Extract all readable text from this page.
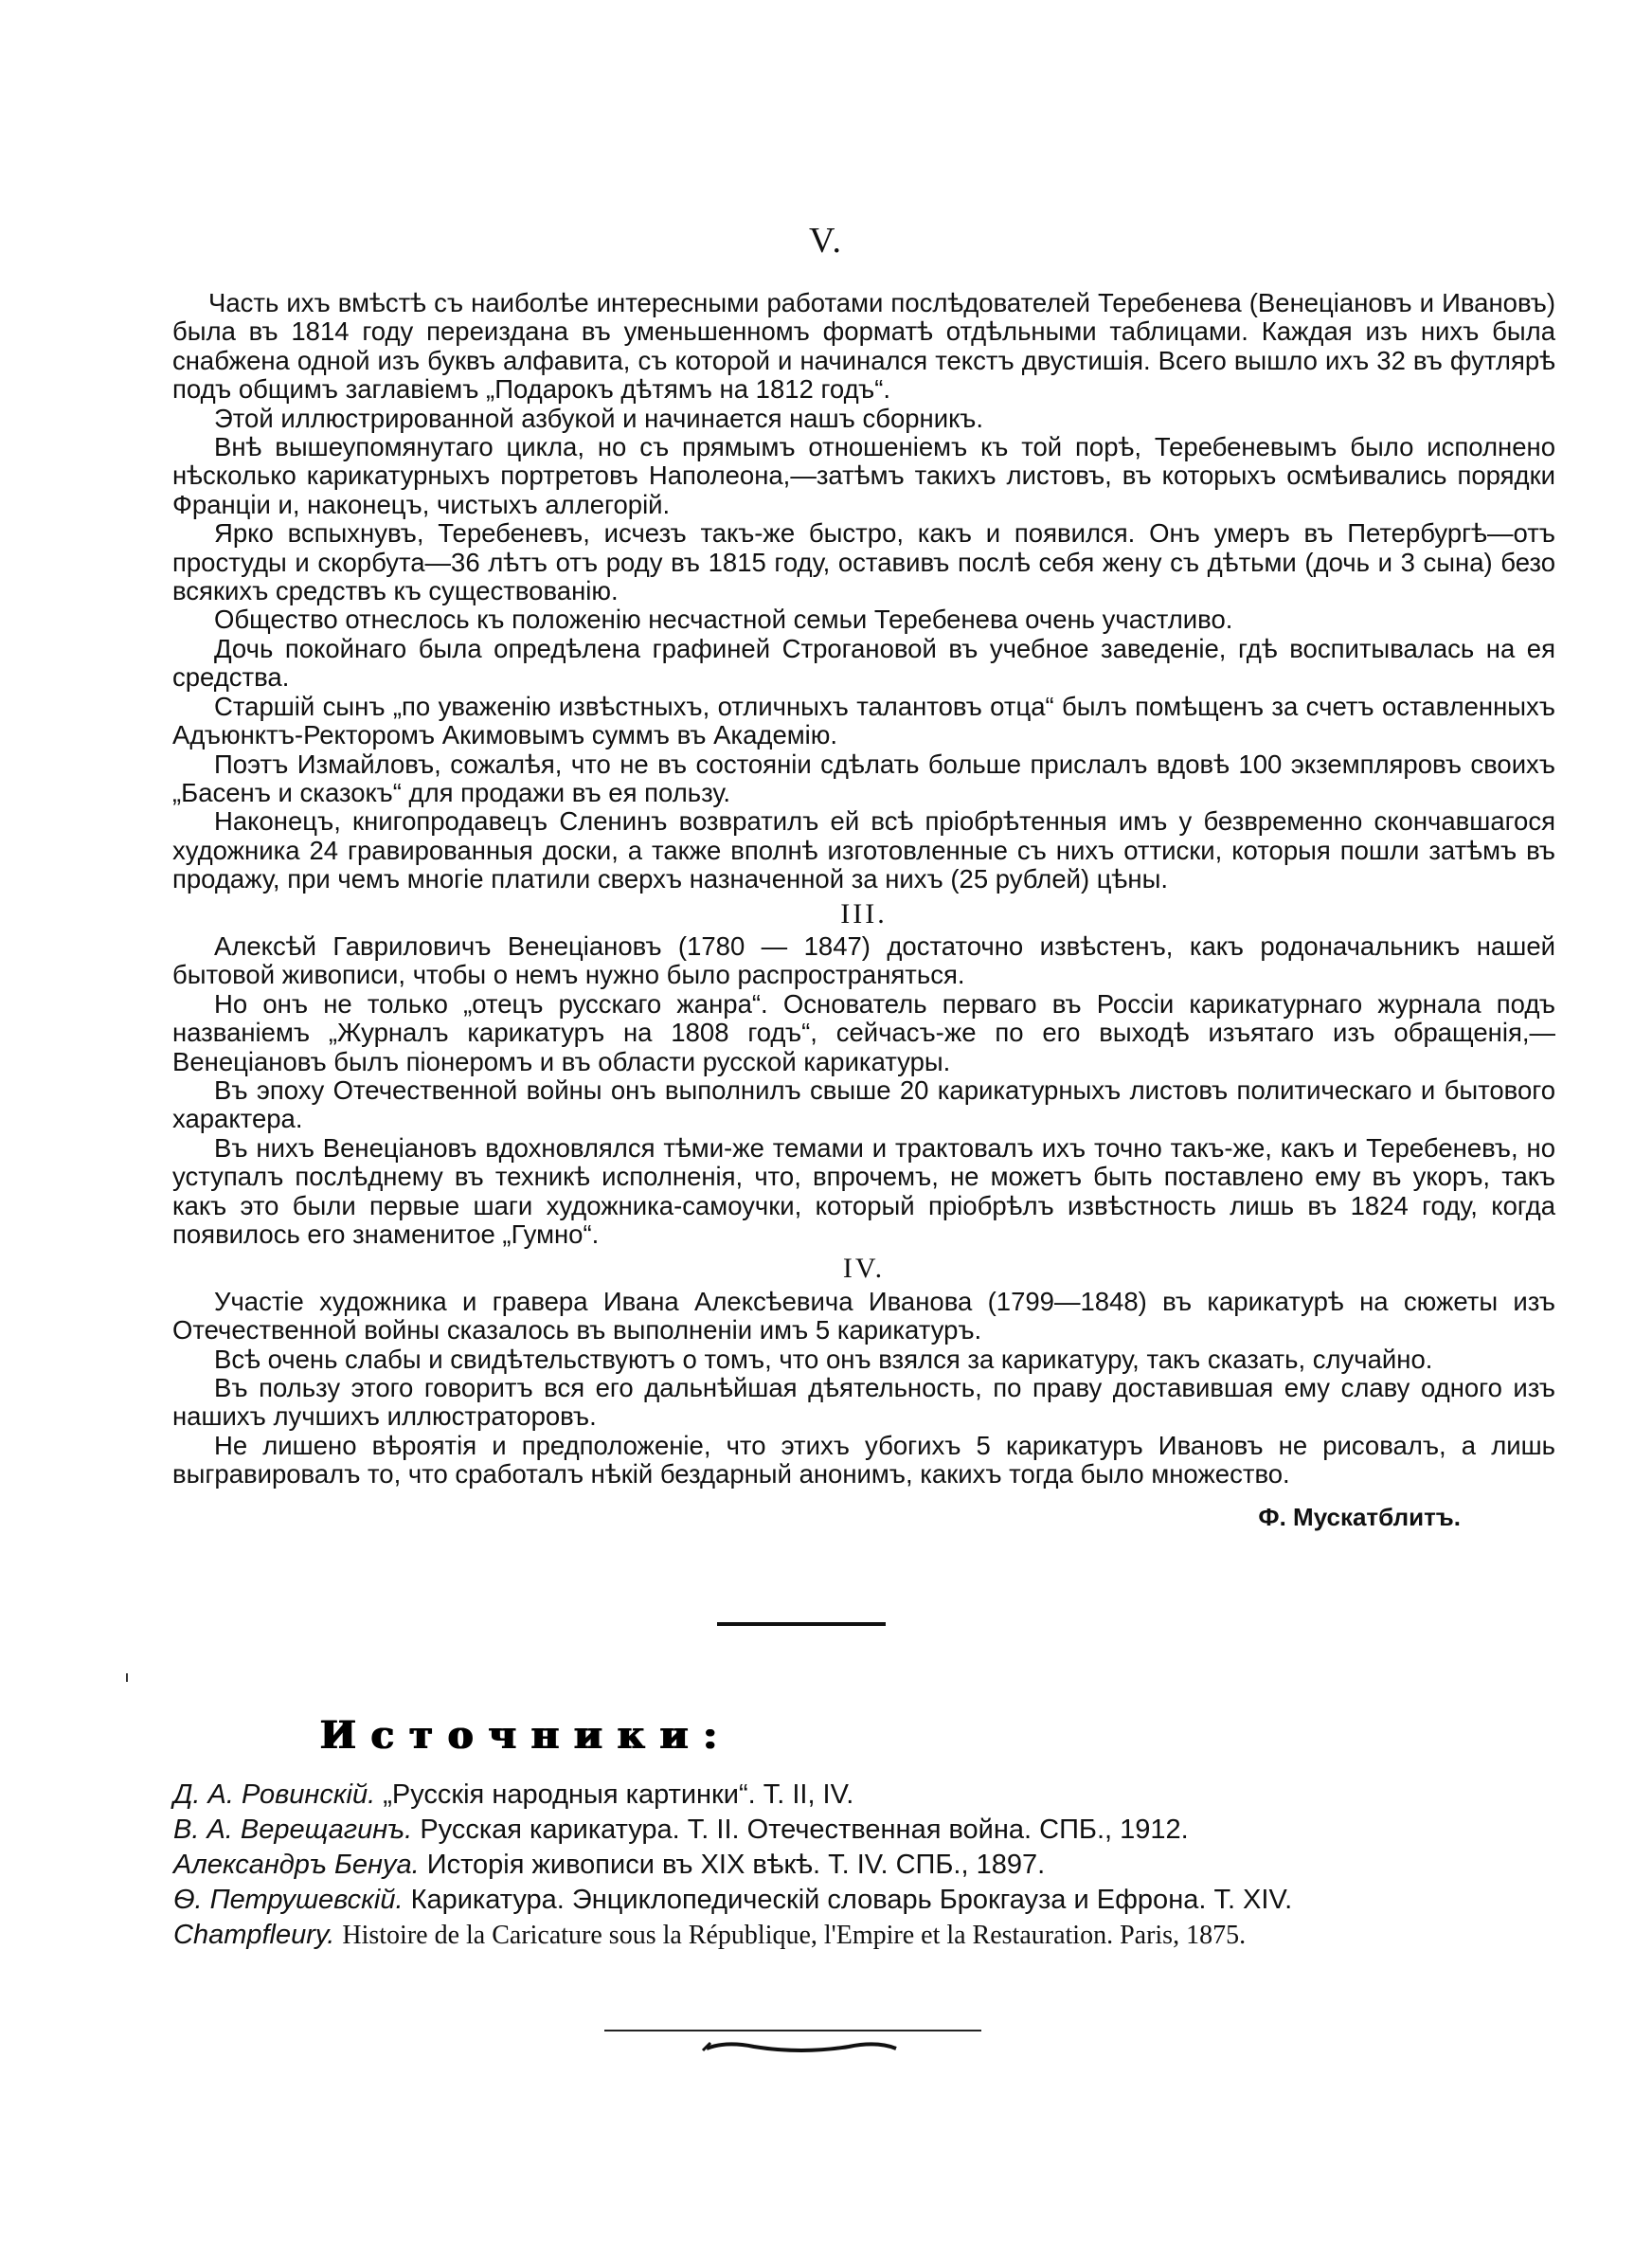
V.

Часть ихъ вмѣстѣ съ наиболѣе интересными работами послѣдователей Теребенева (Венеціановъ и Ивановъ) была въ 1814 году переиздана въ уменьшенномъ форматѣ отдѣльными таблицами. Каждая изъ нихъ была снабжена одной изъ буквъ алфавита, съ которой и начинался текстъ двустишія. Всего вышло ихъ 32 въ футлярѣ подъ общимъ заглавіемъ „Подарокъ дѣтямъ на 1812 годъ“.

Этой иллюстрированной азбукой и начинается нашъ сборникъ.

Внѣ вышеупомянутаго цикла, но съ прямымъ отношеніемъ къ той порѣ, Теребеневымъ было исполнено нѣсколько карикатурныхъ портретовъ Наполеона,—затѣмъ такихъ листовъ, въ которыхъ осмѣивались порядки Франціи и, наконецъ, чистыхъ аллегорій.

Ярко вспыхнувъ, Теребеневъ, исчезъ такъ-же быстро, какъ и появился. Онъ умеръ въ Петербургѣ—отъ простуды и скорбута—36 лѣтъ отъ роду въ 1815 году, оставивъ послѣ себя жену съ дѣтьми (дочь и 3 сына) безо всякихъ средствъ къ существованію.

Общество отнеслось къ положенію несчастной семьи Теребенева очень участливо.

Дочь покойнаго была опредѣлена графиней Строгановой въ учебное заведеніе, гдѣ воспитывалась на ея средства.

Старшій сынъ „по уваженію извѣстныхъ, отличныхъ талантовъ отца“ былъ помѣщенъ за счетъ оставленныхъ Адъюнктъ-Ректоромъ Акимовымъ суммъ въ Академію.

Поэтъ Измайловъ, сожалѣя, что не въ состояніи сдѣлать больше прислалъ вдовѣ 100 экземпляровъ своихъ „Басенъ и сказокъ“ для продажи въ ея пользу.

Наконецъ, книгопродавецъ Сленинъ возвратилъ ей всѣ пріобрѣтенныя имъ у безвременно скончавшагося художника 24 гравированныя доски, а также вполнѣ изготовленные съ нихъ оттиски, которыя пошли затѣмъ въ продажу, при чемъ многіе платили сверхъ назначенной за нихъ (25 рублей) цѣны.

III.

Алексѣй Гавриловичъ Венеціановъ (1780 — 1847) достаточно извѣстенъ, какъ родоначальникъ нашей бытовой живописи, чтобы о немъ нужно было распространяться.

Но онъ не только „отецъ русскаго жанра“. Основатель перваго въ Россіи карикатурнаго журнала подъ названіемъ „Журналъ карикатуръ на 1808 годъ“, сейчасъ-же по его выходѣ изъятаго изъ обращенія,—Венеціановъ былъ піонеромъ и въ области русской карикатуры.

Въ эпоху Отечественной войны онъ выполнилъ свыше 20 карикатурныхъ листовъ политическаго и бытового характера.

Въ нихъ Венеціановъ вдохновлялся тѣми-же темами и трактовалъ ихъ точно такъ-же, какъ и Теребеневъ, но уступалъ послѣднему въ техникѣ исполненія, что, впрочемъ, не можетъ быть поставлено ему въ укоръ, такъ какъ это были первые шаги художника-самоучки, который пріобрѣлъ извѣстность лишь въ 1824 году, когда появилось его знаменитое „Гумно“.

IV.

Участіе художника и гравера Ивана Алексѣевича Иванова (1799—1848) въ карикатурѣ на сюжеты изъ Отечественной войны сказалось въ выполненіи имъ 5 карикатуръ.

Всѣ очень слабы и свидѣтельствуютъ о томъ, что онъ взялся за карикатуру, такъ сказать, случайно.

Въ пользу этого говоритъ вся его дальнѣйшая дѣятельность, по праву доставившая ему славу одного изъ нашихъ лучшихъ иллюстраторовъ.

Не лишено вѣроятія и предположеніе, что этихъ убогихъ 5 карикатуръ Ивановъ не рисовалъ, а лишь выгравировалъ то, что сработалъ нѣкій бездарный анонимъ, какихъ тогда было множество.

Ф. Мускатблитъ.
Источники:
Д. А. Ровинскій. „Русскія народныя картинки“. Т. II, IV.
В. А. Верещагинъ. Русская карикатура. Т. II. Отечественная война. СПБ., 1912.
Александръ Бенуа. Исторія живописи въ XIX вѣкѣ. Т. IV. СПБ., 1897.
Ѳ. Петрушевскій. Карикатура. Энциклопедическій словарь Брокгауза и Ефрона. Т. XIV.
Champfleury. Histoire de la Caricature sous la République, l'Empire et la Restauration. Paris, 1875.
